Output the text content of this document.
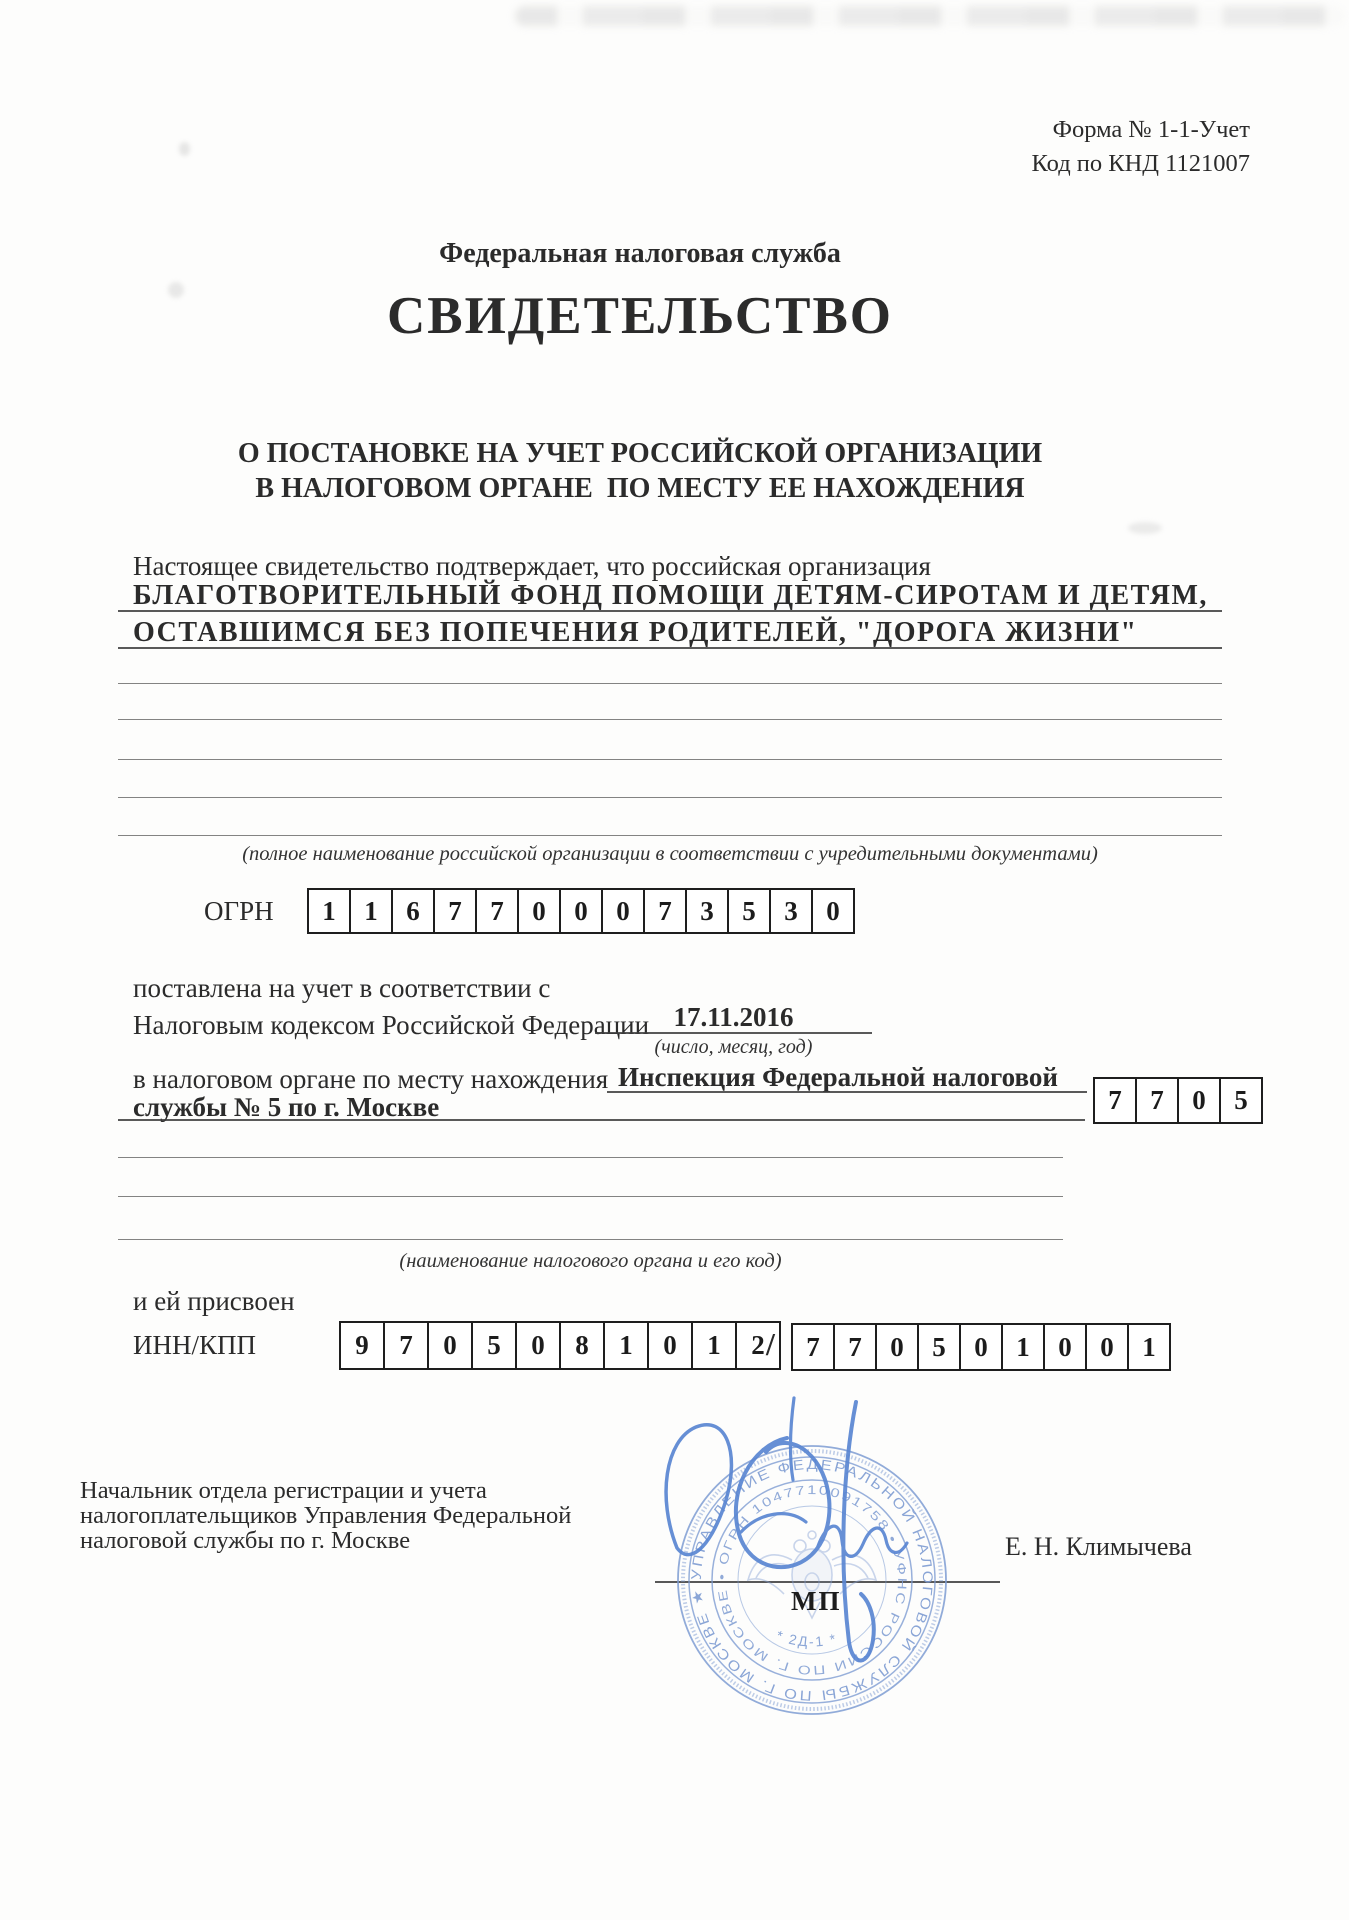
Форма № 1-1-Учет
Код по КНД 1121007
Федеральная налоговая служба
СВИДЕТЕЛЬСТВО
О ПОСТАНОВКЕ НА УЧЕТ РОССИЙСКОЙ ОРГАНИЗАЦИИ
В НАЛОГОВОМ ОРГАНЕ  ПО МЕСТУ ЕЕ НАХОЖДЕНИЯ
Настоящее свидетельство подтверждает, что российская организация
БЛАГОТВОРИТЕЛЬНЫЙ ФОНД ПОМОЩИ ДЕТЯМ-СИРОТАМ И ДЕТЯМ,
ОСТАВШИМСЯ БЕЗ ПОПЕЧЕНИЯ РОДИТЕЛЕЙ, "ДОРОГА ЖИЗНИ"
(полное наименование российской организации в соответствии с учредительными документами)
ОГРН	1	1	6	7	7	0	0	0	7	3	5	3	0
поставлена на учет в соответствии с
Налоговым кодексом Российской Федерации 17.11.2016
(число, месяц, год)
в налоговом органе по месту нахождения Инспекция Федеральной налоговой
службы № 5 по г. Москве	7	7	0	5
(наименование налогового органа и его код)
и ей присвоен
ИНН/КПП	9	7	0	5	0	8	1	0	1	2 /	7	7	0	5	0	1	0	0	1
Начальник отдела регистрации и учета
налогоплательщиков Управления Федеральной
налоговой службы по г. Москве	Е. Н. Климычева
УПРАВЛЕНИЕ ФЕДЕРАЛЬНОЙ НАЛОГОВОЙ СЛУЖБЫ ПО Г. МОСКВЕ ★
• ОГРН 1047710091758 • УФНС РОССИИ ПО Г. МОСКВЕ
* 2Д-1 *
МП
